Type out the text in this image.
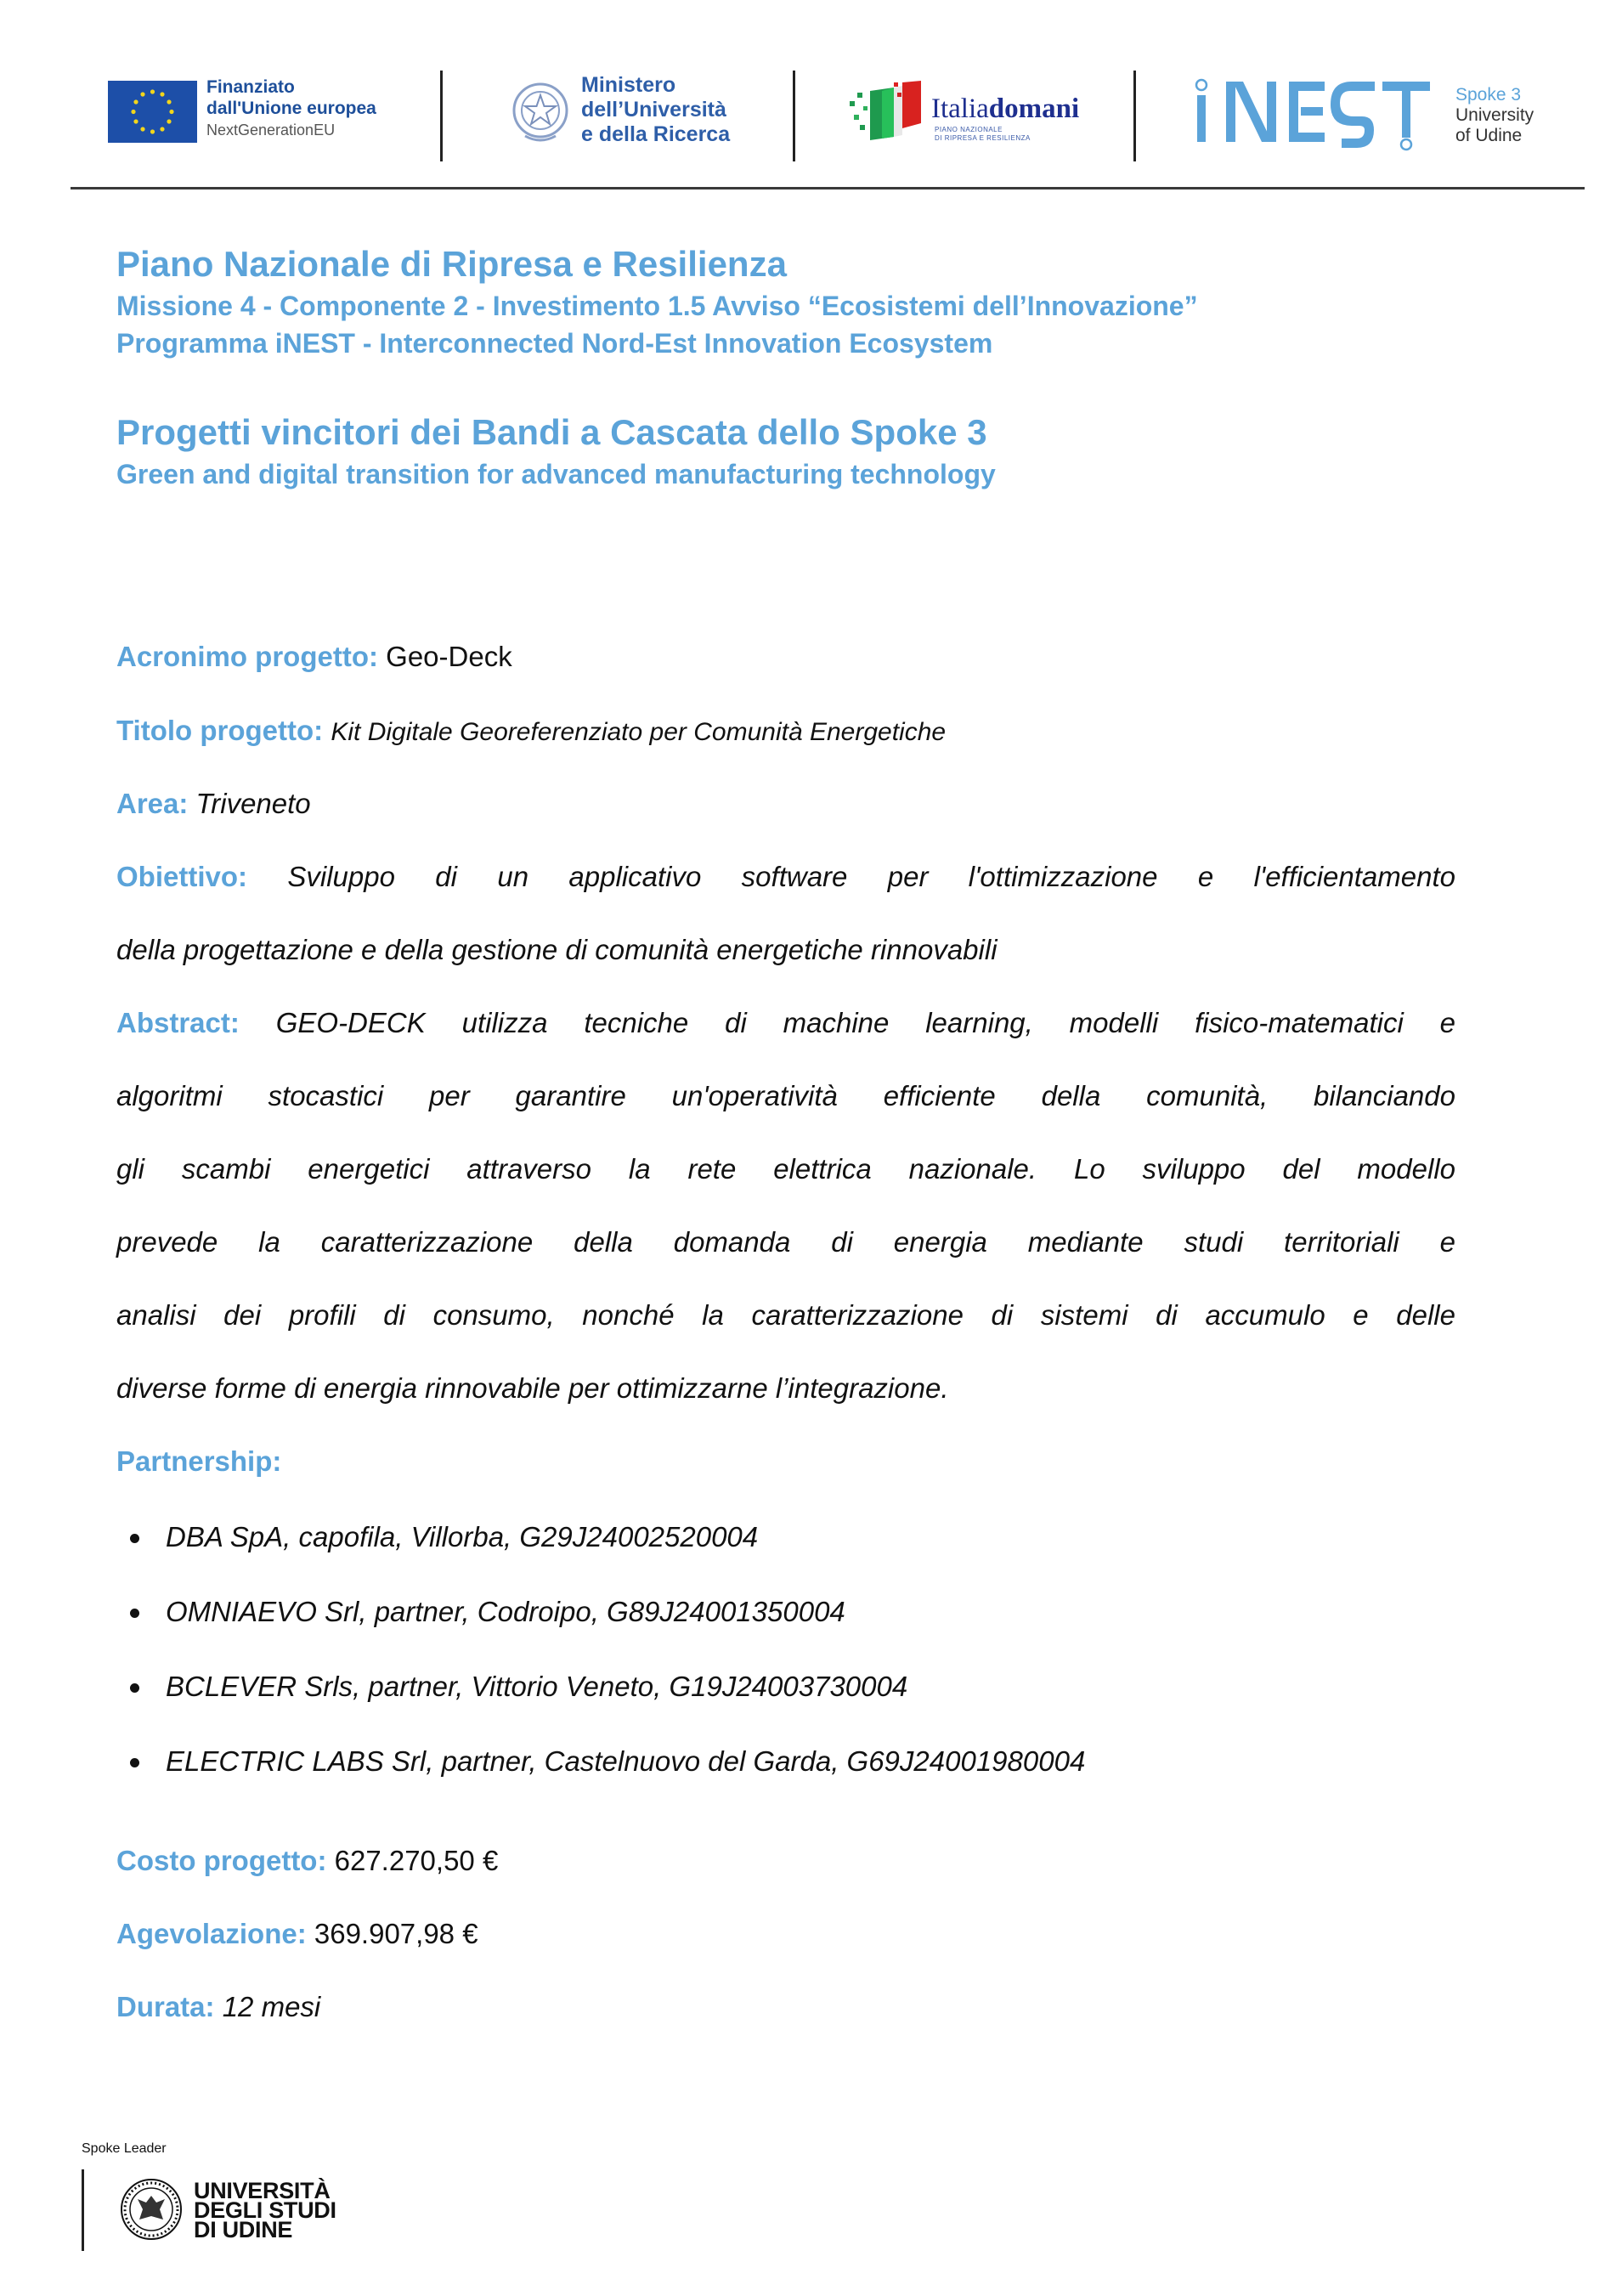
Finanziato
dall'Unione europea
NextGenerationEU
Ministero
dell’Università
e della Ricerca
Italiadomani
PIANO NAZIONALE
DI RIPRESA E RESILIENZA
Spoke 3
University
of Udine
Piano Nazionale di Ripresa e Resilienza
Missione 4 - Componente 2 - Investimento 1.5 Avviso “Ecosistemi dell’Innovazione”
Programma iNEST - Interconnected Nord-Est Innovation Ecosystem
Progetti vincitori dei Bandi a Cascata dello Spoke 3
Green and digital transition for advanced manufacturing technology
Acronimo progetto: Geo-Deck
Titolo progetto: Kit Digitale Georeferenziato per Comunità Energetiche
Area: Triveneto
Obiettivo: Sviluppo di un applicativo software per l'ottimizzazione e l'efficientamento
della progettazione e della gestione di comunità energetiche rinnovabili
Abstract: GEO-DECK utilizza tecniche di machine learning, modelli fisico-matematici e
algoritmi stocastici per garantire un'operatività efficiente della comunità, bilanciando
gli scambi energetici attraverso la rete elettrica nazionale. Lo sviluppo del modello
prevede la caratterizzazione della domanda di energia mediante studi territoriali e
analisi dei profili di consumo, nonché la caratterizzazione di sistemi di accumulo e delle
diverse forme di energia rinnovabile per ottimizzarne l’integrazione.
Partnership:
DBA SpA, capofila, Villorba, G29J24002520004
OMNIAEVO Srl, partner, Codroipo, G89J24001350004
BCLEVER Srls, partner, Vittorio Veneto, G19J24003730004
ELECTRIC LABS Srl, partner, Castelnuovo del Garda, G69J24001980004
Costo progetto: 627.270,50 €
Agevolazione: 369.907,98 €
Durata: 12 mesi
Spoke Leader
UNIVERSITÀ
DEGLI STUDI
DI UDINE
